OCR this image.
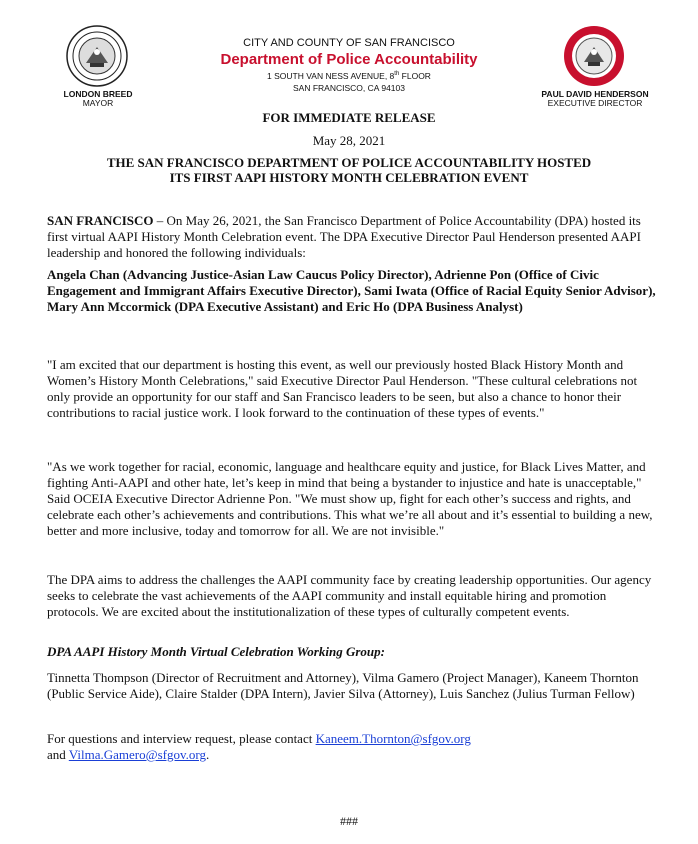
LONDON BREED
MAYOR
PAUL DAVID HENDERSON
EXECUTIVE DIRECTOR
CITY AND COUNTY OF SAN FRANCISCO
Department of Police Accountability
1 SOUTH VAN NESS AVENUE, 8th FLOOR
SAN FRANCISCO, CA 94103
FOR IMMEDIATE RELEASE
May 28, 2021
THE SAN FRANCISCO DEPARTMENT OF POLICE ACCOUNTABILITY HOSTED
ITS FIRST AAPI HISTORY MONTH CELEBRATION EVENT
SAN FRANCISCO – On May 26, 2021, the San Francisco Department of Police Accountability (DPA) hosted its first virtual AAPI History Month Celebration event. The DPA Executive Director Paul Henderson presented AAPI leadership and honored the following individuals:
Angela Chan (Advancing Justice-Asian Law Caucus Policy Director), Adrienne Pon (Office of Civic Engagement and Immigrant Affairs Executive Director), Sami Iwata (Office of Racial Equity Senior Advisor), Mary Ann Mccormick (DPA Executive Assistant) and Eric Ho (DPA Business Analyst)
"I am excited that our department is hosting this event, as well our previously hosted Black History Month and Women’s History Month Celebrations," said Executive Director Paul Henderson. "These cultural celebrations not only provide an opportunity for our staff and San Francisco leaders to be seen, but also a chance to honor their contributions to racial justice work. I look forward to the continuation of these types of events."
"As we work together for racial, economic, language and healthcare equity and justice, for Black Lives Matter, and fighting Anti-AAPI and other hate, let’s keep in mind that being a bystander to injustice and hate is unacceptable," Said OCEIA Executive Director Adrienne Pon. "We must show up, fight for each other’s success and rights, and celebrate each other’s achievements and contributions. This what we’re all about and it’s essential to building a new, better and more inclusive, today and tomorrow for all. We are not invisible."
The DPA aims to address the challenges the AAPI community face by creating leadership opportunities. Our agency seeks to celebrate the vast achievements of the AAPI community and install equitable hiring and promotion protocols. We are excited about the institutionalization of these types of culturally competent events.
DPA AAPI History Month Virtual Celebration Working Group:
Tinnetta Thompson (Director of Recruitment and Attorney), Vilma Gamero (Project Manager), Kaneem Thornton (Public Service Aide), Claire Stalder (DPA Intern), Javier Silva (Attorney), Luis Sanchez (Julius Turman Fellow)
For questions and interview request, please contact Kaneem.Thornton@sfgov.org
and Vilma.Gamero@sfgov.org.
###
